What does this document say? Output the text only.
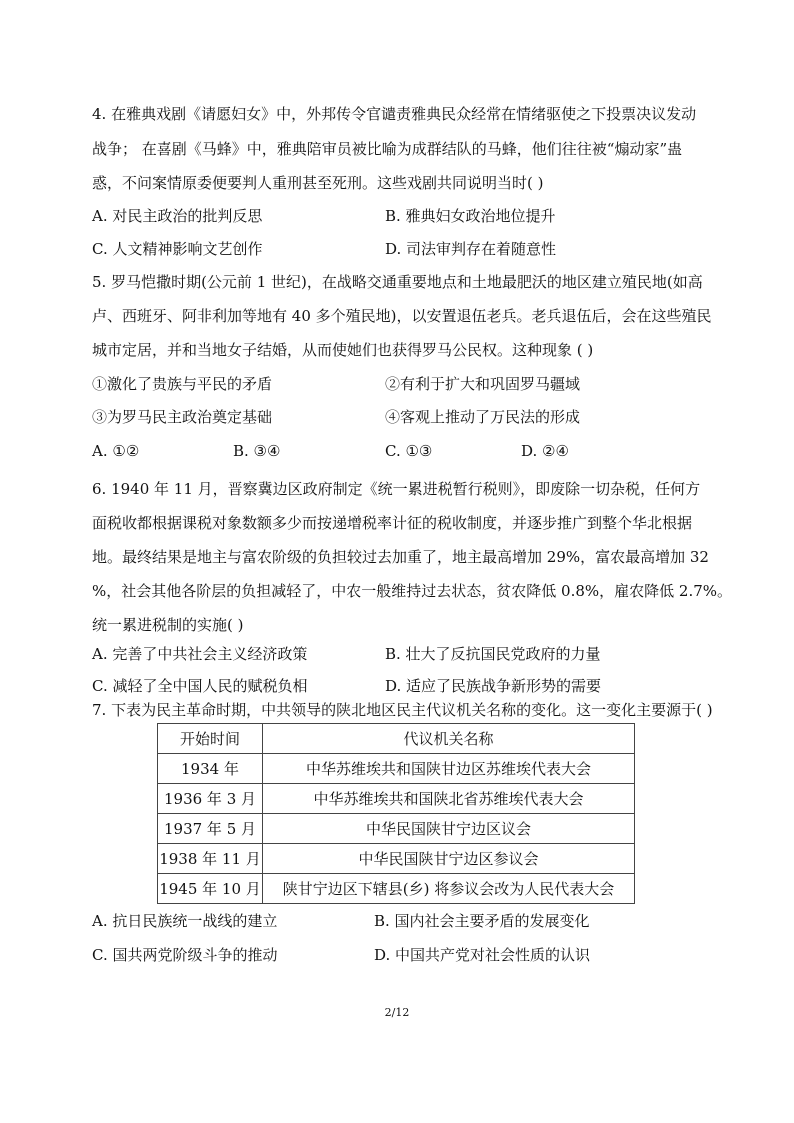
4. 在雅典戏剧《请愿妇女》中，外邦传令官谴责雅典民众经常在情绪驱使之下投票决议发动
战争； 在喜剧《马蜂》中，雅典陪审员被比喻为成群结队的马蜂，他们往往被“煽动家”蛊
惑，不问案情原委便要判人重刑甚至死刑。这些戏剧共同说明当时( )
A. 对民主政治的批判反思	B. 雅典妇女政治地位提升
C. 人文精神影响文艺创作	D. 司法审判存在着随意性
5. 罗马恺撒时期(公元前 1 世纪)，在战略交通重要地点和土地最肥沃的地区建立殖民地(如高
卢、西班牙、阿非利加等地有 40 多个殖民地)，以安置退伍老兵。老兵退伍后，会在这些殖民
城市定居，并和当地女子结婚，从而使她们也获得罗马公民权。这种现象 ( )
①激化了贵族与平民的矛盾	②有利于扩大和巩固罗马疆域
③为罗马民主政治奠定基础	④客观上推动了万民法的形成
A. ①②	B. ③④	C. ①③	D. ②④
6. 1940 年 11 月，晋察冀边区政府制定《统一累进税暂行税则》，即废除一切杂税，任何方
面税收都根据课税对象数额多少而按递增税率计征的税收制度，并逐步推广到整个华北根据
地。最终结果是地主与富农阶级的负担较过去加重了，地主最高增加 29%，富农最高增加 32
%，社会其他各阶层的负担减轻了，中农一般维持过去状态，贫农降低 0.8%，雇农降低 2.7%。
统一累进税制的实施( )
A. 完善了中共社会主义经济政策	B. 壮大了反抗国民党政府的力量
C. 减轻了全中国人民的赋税负相	D. 适应了民族战争新形势的需要
7. 下表为民主革命时期，中共领导的陕北地区民主代议机关名称的变化。这一变化主要源于( )
开始时间	代议机关名称
1934 年	中华苏维埃共和国陕甘边区苏维埃代表大会
1936 年 3 月	中华苏维埃共和国陕北省苏维埃代表大会
1937 年 5 月	中华民国陕甘宁边区议会
1938 年 11 月	中华民国陕甘宁边区参议会
1945 年 10 月	陕甘宁边区下辖县(乡) 将参议会改为人民代表大会
A. 抗日民族统一战线的建立	B. 国内社会主要矛盾的发展变化
C. 国共两党阶级斗争的推动	D. 中国共产党对社会性质的认识
2/12
